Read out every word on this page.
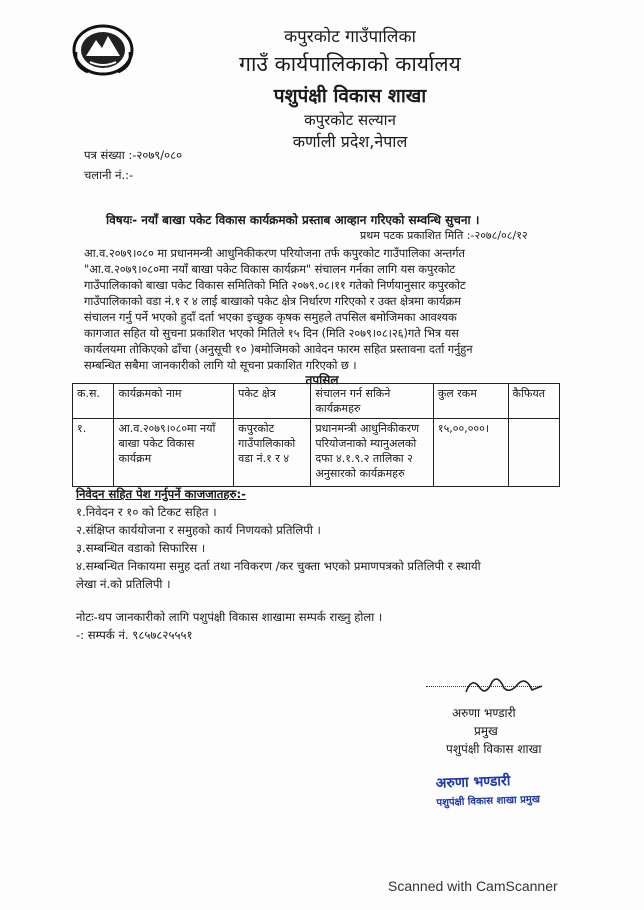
कपुरकोट गाउँपालिका
गाउँ कार्यपालिकाको कार्यालय
पशुपंक्षी विकास शाखा
कपुरकोट सल्यान
कर्णाली प्रदेश,नेपाल
पत्र संख्या :-२०७९/०८०
चलानी नं.:-
विषयः- नयाँ बाखा पकेट विकास कार्यक्रमको प्रस्ताब आव्हान गरिएको सम्वन्धि सुचना ।
प्रथम पटक प्रकाशित मिति :-२०७८/०८/१२

आ.व.२०७९।०८० मा प्रधानमन्त्री आधुनिकीकरण परियोजना तर्फ कपुरकोट गाउँपालिका अन्तर्गत

"आ.व.२०७९।०८०मा नयाँ बाखा पकेट विकास कार्यक्रम" संचालन गर्नका लागि यस कपुरकोट

गाउँपालिकाको बाखा पकेट विकास समितिको मिति २०७९.०८।११ गतेको निर्णयानुसार कपुरकोट

गाउँपालिकाको वडा नं.१ र ४ लाई बाखाको पकेट क्षेत्र निर्धारण गरिएको र उक्त क्षेत्रमा कार्यक्रम

संचालन गर्नु पर्ने भएको हुदाँ दर्ता भएका इच्छुक कृषक समुहले तपसिल बमोजिमका आवश्यक

कागजात सहित यो सुचना प्रकाशित भएको मितिले १५ दिन (मिति २०७९।०८।२६)गते भित्र यस

कार्यलयमा तोकिएको ढाँचा (अनुसूची १० )बमोजिमको आवेदन फारम सहित प्रस्तावना दर्ता गर्नुहुन

सम्बन्धित सबैमा जानकारीको लागि यो सूचना प्रकाशित गरिएको छ ।

तपसिल
क.स.	कार्यक्रमको नाम	पकेट क्षेत्र	संचालन गर्न सकिने कार्यक्रमहरु	कुल रकम	कैफियत
१.	आ.व.२०७९।०८०मा नयाँ बाखा पकेट विकास कार्यक्रम	कपुरकोट गाउँपालिकाको वडा नं.१ र ४	प्रधानमन्त्री आधुनिकीकरण परियोजनाको म्यानुअलको दफा ४.१.९.२ तालिका २ अनुसारको कार्यक्रमहरु	१५,००,०००।	
निवेदन सहित पेश गर्नुपर्ने काजजातहरु:-
१.निवेदन र १० को टिकट सहित ।
२.संक्षिप्त कार्ययोजना र समुहको कार्य निणयको प्रतिलिपी ।
३.सम्बन्धित वडाको सिफारिस ।
४.सम्बन्धित निकायमा समुह दर्ता तथा नविकरण /कर चुक्ता भएको प्रमाणपत्रको प्रतिलिपी र स्थायी
लेखा नं.को प्रतिलिपी ।
नोटः-थप जानकारीको लागि पशुपंक्षी विकास शाखामा सम्पर्क राख्नु होला ।
-: सम्पर्क नं. ९८५७८२५५५१
अरुणा भण्डारी
प्रमुख
पशुपंक्षी विकास शाखा
अरुणा भण्डारी
पशुपंक्षी विकास शाखा प्रमुख
Scanned with CamScanner
